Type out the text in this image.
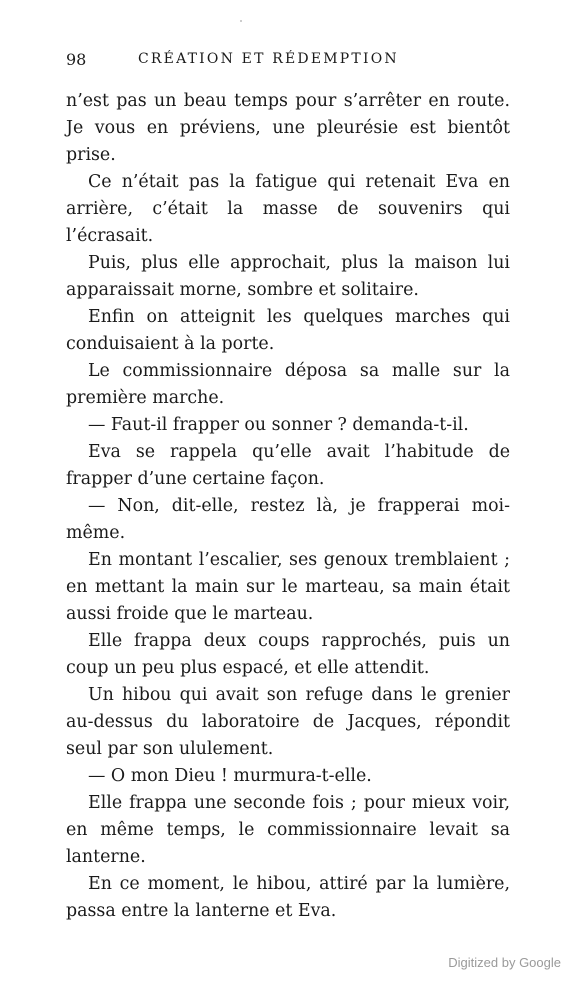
98	CRÉATION ET RÉDEMPTION

n’est pas un beau temps pour s’arrêter en route. Je vous en préviens, une pleurésie est bientôt prise.

Ce n’était pas la fatigue qui retenait Eva en arrière, c’était la masse de souvenirs qui l’écrasait.

Puis, plus elle approchait, plus la maison lui apparaissait morne, sombre et solitaire.

Enfin on atteignit les quelques marches qui conduisaient à la porte.

Le commissionnaire déposa sa malle sur la première marche.

— Faut-il frapper ou sonner ? demanda-t-il.

Eva se rappela qu’elle avait l’habitude de frapper d’une certaine façon.

— Non, dit-elle, restez là, je frapperai moi-même.

En montant l’escalier, ses genoux tremblaient ; en mettant la main sur le marteau, sa main était aussi froide que le marteau.

Elle frappa deux coups rapprochés, puis un coup un peu plus espacé, et elle attendit.

Un hibou qui avait son refuge dans le grenier au-dessus du laboratoire de Jacques, répondit seul par son ululement.

— O mon Dieu ! murmura-t-elle.

Elle frappa une seconde fois ; pour mieux voir, en même temps, le commissionnaire levait sa lanterne.

En ce moment, le hibou, attiré par la lumière, passa entre la lanterne et Eva.

Digitized by Google
